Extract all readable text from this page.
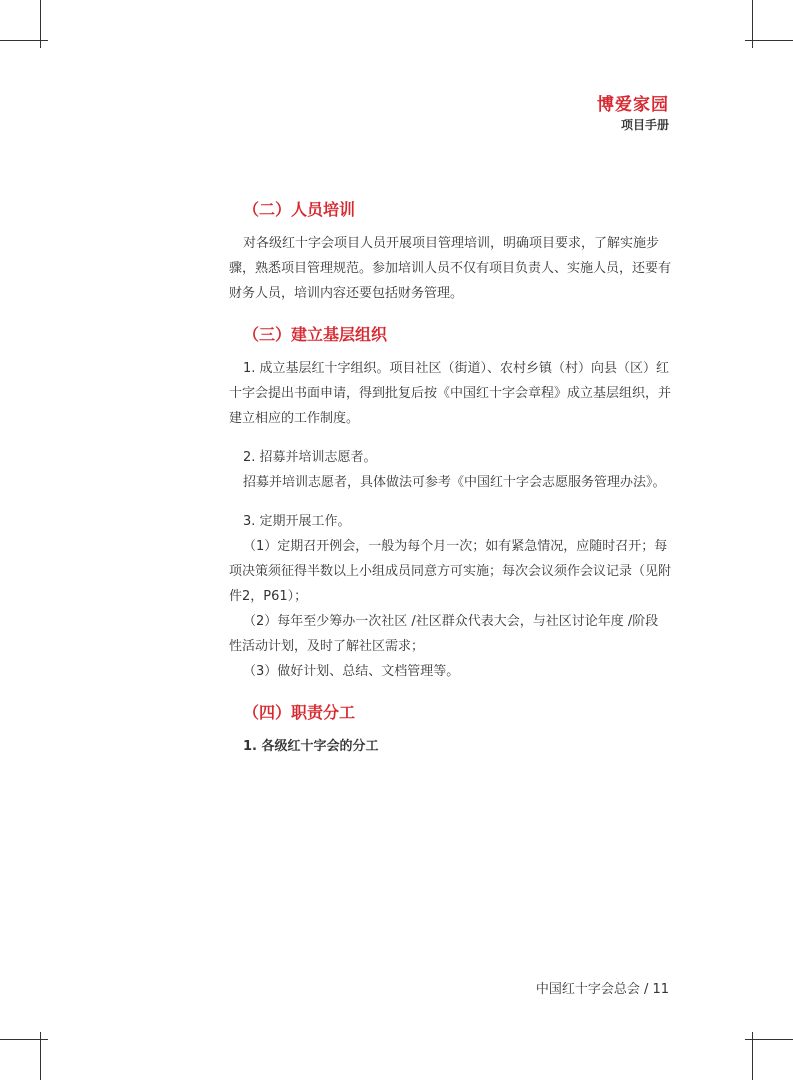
博爱家园
项目手册
（二）人员培训

对各级红十字会项目人员开展项目管理培训，明确项目要求，了解实施步骤，熟悉项目管理规范。参加培训人员不仅有项目负责人、实施人员，还要有财务人员，培训内容还要包括财务管理。

（三）建立基层组织

1. 成立基层红十字组织。项目社区（街道）、农村乡镇（村）向县（区）红十字会提出书面申请，得到批复后按《中国红十字会章程》成立基层组织，并建立相应的工作制度。

2. 招募并培训志愿者。

招募并培训志愿者，具体做法可参考《中国红十字会志愿服务管理办法》。

3. 定期开展工作。

（1）定期召开例会，一般为每个月一次；如有紧急情况，应随时召开；每项决策须征得半数以上小组成员同意方可实施；每次会议须作会议记录（见附件2，P61）；

（2）每年至少筹办一次社区 /社区群众代表大会，与社区讨论年度 /阶段性活动计划，及时了解社区需求；

（3）做好计划、总结、文档管理等。

（四）职责分工

1. 各级红十字会的分工

中国红十字会总会 / 11
